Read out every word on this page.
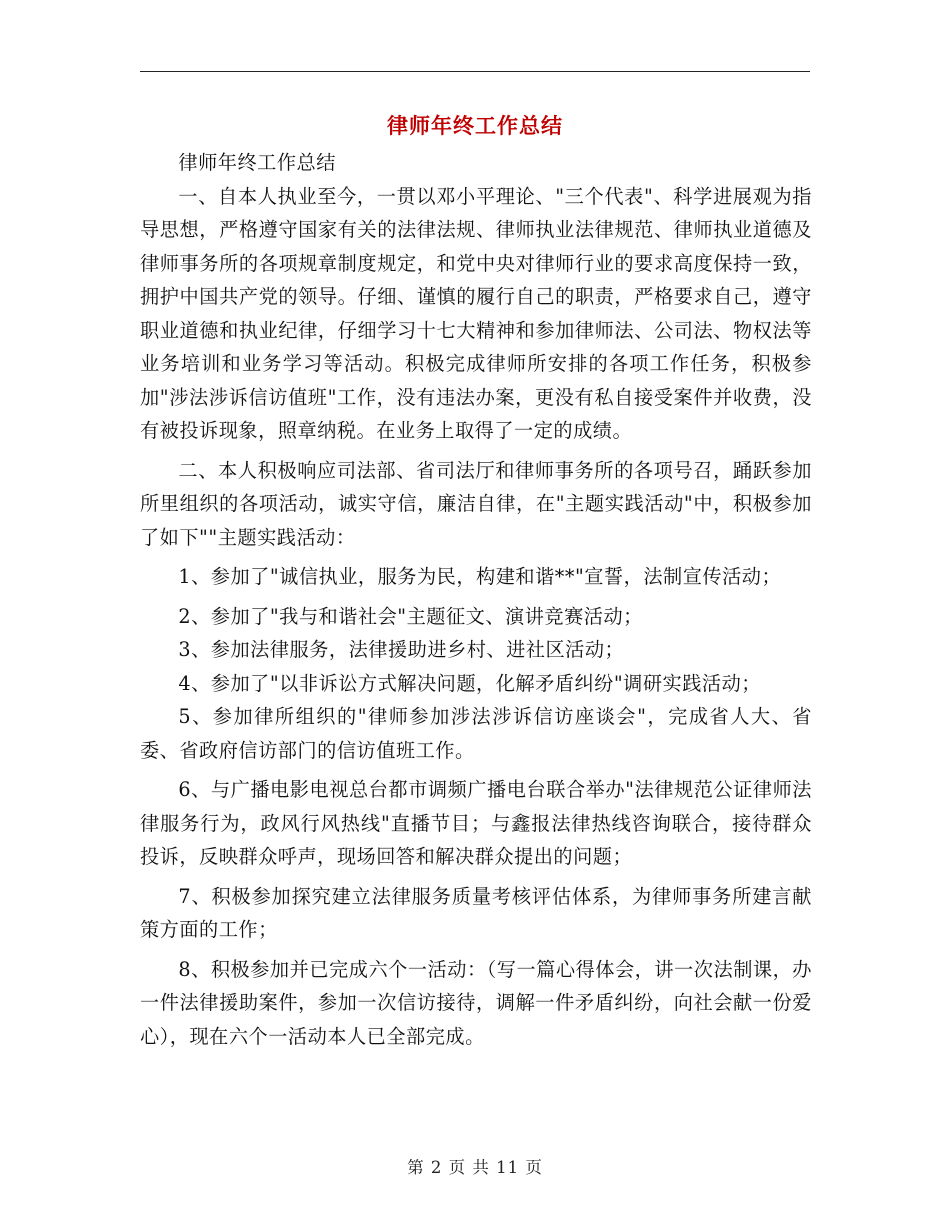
律师年终工作总结

律师年终工作总结

一、自本人执业至今，一贯以邓小平理论、"三个代表"、科学进展观为指导思想，严格遵守国家有关的法律法规、律师执业法律规范、律师执业道德及律师事务所的各项规章制度规定，和党中央对律师行业的要求高度保持一致，拥护中国共产党的领导。仔细、谨慎的履行自己的职责，严格要求自己，遵守职业道德和执业纪律，仔细学习十七大精神和参加律师法、公司法、物权法等业务培训和业务学习等活动。积极完成律师所安排的各项工作任务，积极参加"涉法涉诉信访值班"工作，没有违法办案，更没有私自接受案件并收费，没有被投诉现象，照章纳税。在业务上取得了一定的成绩。

二、本人积极响应司法部、省司法厅和律师事务所的各项号召，踊跃参加所里组织的各项活动，诚实守信，廉洁自律，在"主题实践活动"中，积极参加了如下""主题实践活动：

1、参加了"诚信执业，服务为民，构建和谐**"宣誓，法制宣传活动；

2、参加了"我与和谐社会"主题征文、演讲竞赛活动；

3、参加法律服务，法律援助进乡村、进社区活动；

4、参加了"以非诉讼方式解决问题，化解矛盾纠纷"调研实践活动；

5、参加律所组织的"律师参加涉法涉诉信访座谈会"，完成省人大、省委、省政府信访部门的信访值班工作。

6、与广播电影电视总台都市调频广播电台联合举办"法律规范公证律师法律服务行为，政风行风热线"直播节目；与鑫报法律热线咨询联合，接待群众投诉，反映群众呼声，现场回答和解决群众提出的问题；

7、积极参加探究建立法律服务质量考核评估体系，为律师事务所建言献策方面的工作；

8、积极参加并已完成六个一活动：（写一篇心得体会，讲一次法制课，办一件法律援助案件，参加一次信访接待，调解一件矛盾纠纷，向社会献一份爱心），现在六个一活动本人已全部完成。

第 2 页 共 11 页
